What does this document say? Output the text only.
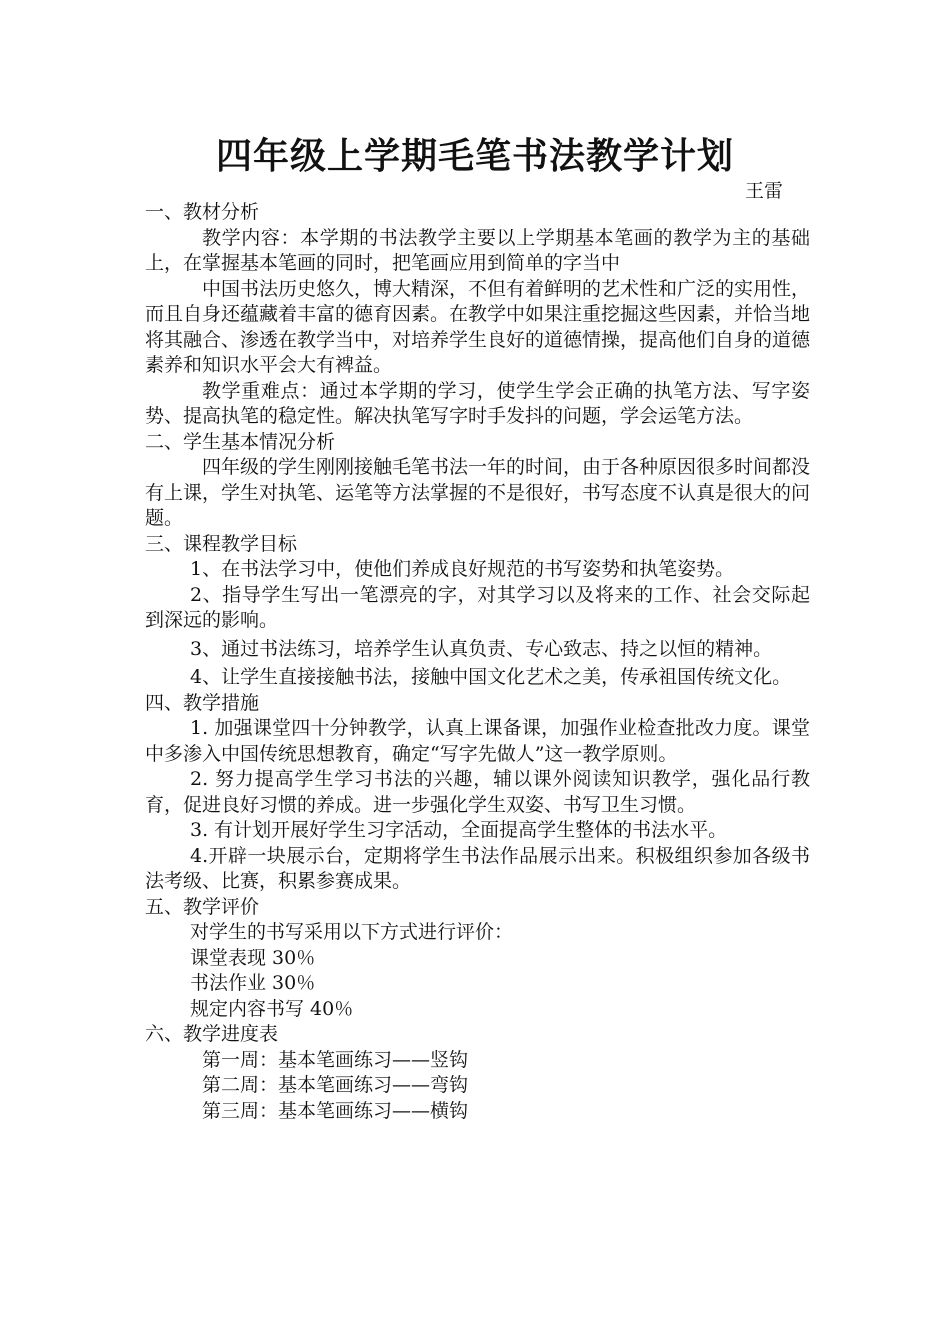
四年级上学期毛笔书法教学计划
王雷

一、教材分析

教学内容：本学期的书法教学主要以上学期基本笔画的教学为主的基础上，在掌握基本笔画的同时，把笔画应用到简单的字当中

中国书法历史悠久，博大精深，不但有着鲜明的艺术性和广泛的实用性，而且自身还蕴藏着丰富的德育因素。在教学中如果注重挖掘这些因素，并恰当地将其融合、渗透在教学当中，对培养学生良好的道德情操，提高他们自身的道德素养和知识水平会大有裨益。

教学重难点：通过本学期的学习，使学生学会正确的执笔方法、写字姿势、提高执笔的稳定性。解决执笔写字时手发抖的问题，学会运笔方法。

二、学生基本情况分析

四年级的学生刚刚接触毛笔书法一年的时间，由于各种原因很多时间都没有上课，学生对执笔、运笔等方法掌握的不是很好，书写态度不认真是很大的问题。

三、课程教学目标

1、在书法学习中，使他们养成良好规范的书写姿势和执笔姿势。

2、指导学生写出一笔漂亮的字，对其学习以及将来的工作、社会交际起到深远的影响。

3、通过书法练习，培养学生认真负责、专心致志、持之以恒的精神。

4、让学生直接接触书法，接触中国文化艺术之美，传承祖国传统文化。

四、教学措施

1. 加强课堂四十分钟教学，认真上课备课，加强作业检查批改力度。课堂中多渗入中国传统思想教育，确定“写字先做人”这一教学原则。

2. 努力提高学生学习书法的兴趣，辅以课外阅读知识教学，强化品行教育，促进良好习惯的养成。进一步强化学生双姿、书写卫生习惯。

3. 有计划开展好学生习字活动，全面提高学生整体的书法水平。

4.开辟一块展示台，定期将学生书法作品展示出来。积极组织参加各级书法考级、比赛，积累参赛成果。

五、教学评价

对学生的书写采用以下方式进行评价：

课堂表现 30％

书法作业 30％

规定内容书写 40％

六、教学进度表

第一周：基本笔画练习——竖钩

第二周：基本笔画练习——弯钩

第三周：基本笔画练习——横钩
